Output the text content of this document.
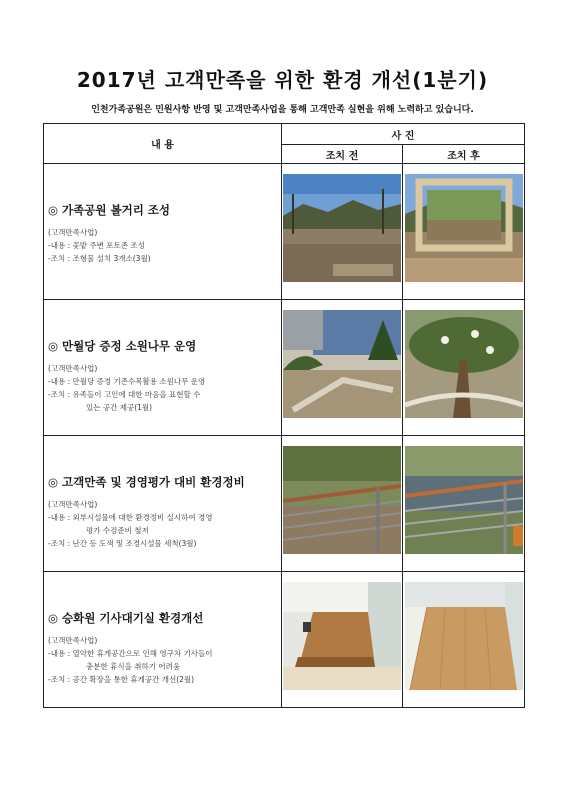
2017년 고객만족을 위한 환경 개선(1분기)
인천가족공원은 민원사항 반영 및 고객만족사업을 통해 고객만족 실현을 위해 노력하고 있습니다.
내 용	사 진	
	조치 전	조치 후

◎ 가족공원 볼거리 조성
(고객만족사업)
-내용 : 꽃밭 주변 포토존 조성
-조치 : 조형물 설치 3개소(3월)

◎ 만월당 증정 소원나무 운영
(고객만족사업)
-내용 : 만월당 증정 기존수목활용 소원나무 운영
-조치 : 유족들이 고인에 대한 마음을 표현할 수
있는 공간 제공(1월)

◎ 고객만족 및 경영평가 대비 환경정비
(고객만족사업)
-내용 : 외부시설물에 대한 환경정비 실시하여 경영
평가 수검준비 철저
-조치 : 난간 등 도색 및 조경시설물 세척(3월)

◎ 승화원 기사대기실 환경개선
(고객만족사업)
-내용 : 열악한 휴게공간으로 인해 영구차 기사들이
충분한 휴식을 취하기 어려움
-조치 : 공간 확장을 통한 휴게공간 개선(2월)
